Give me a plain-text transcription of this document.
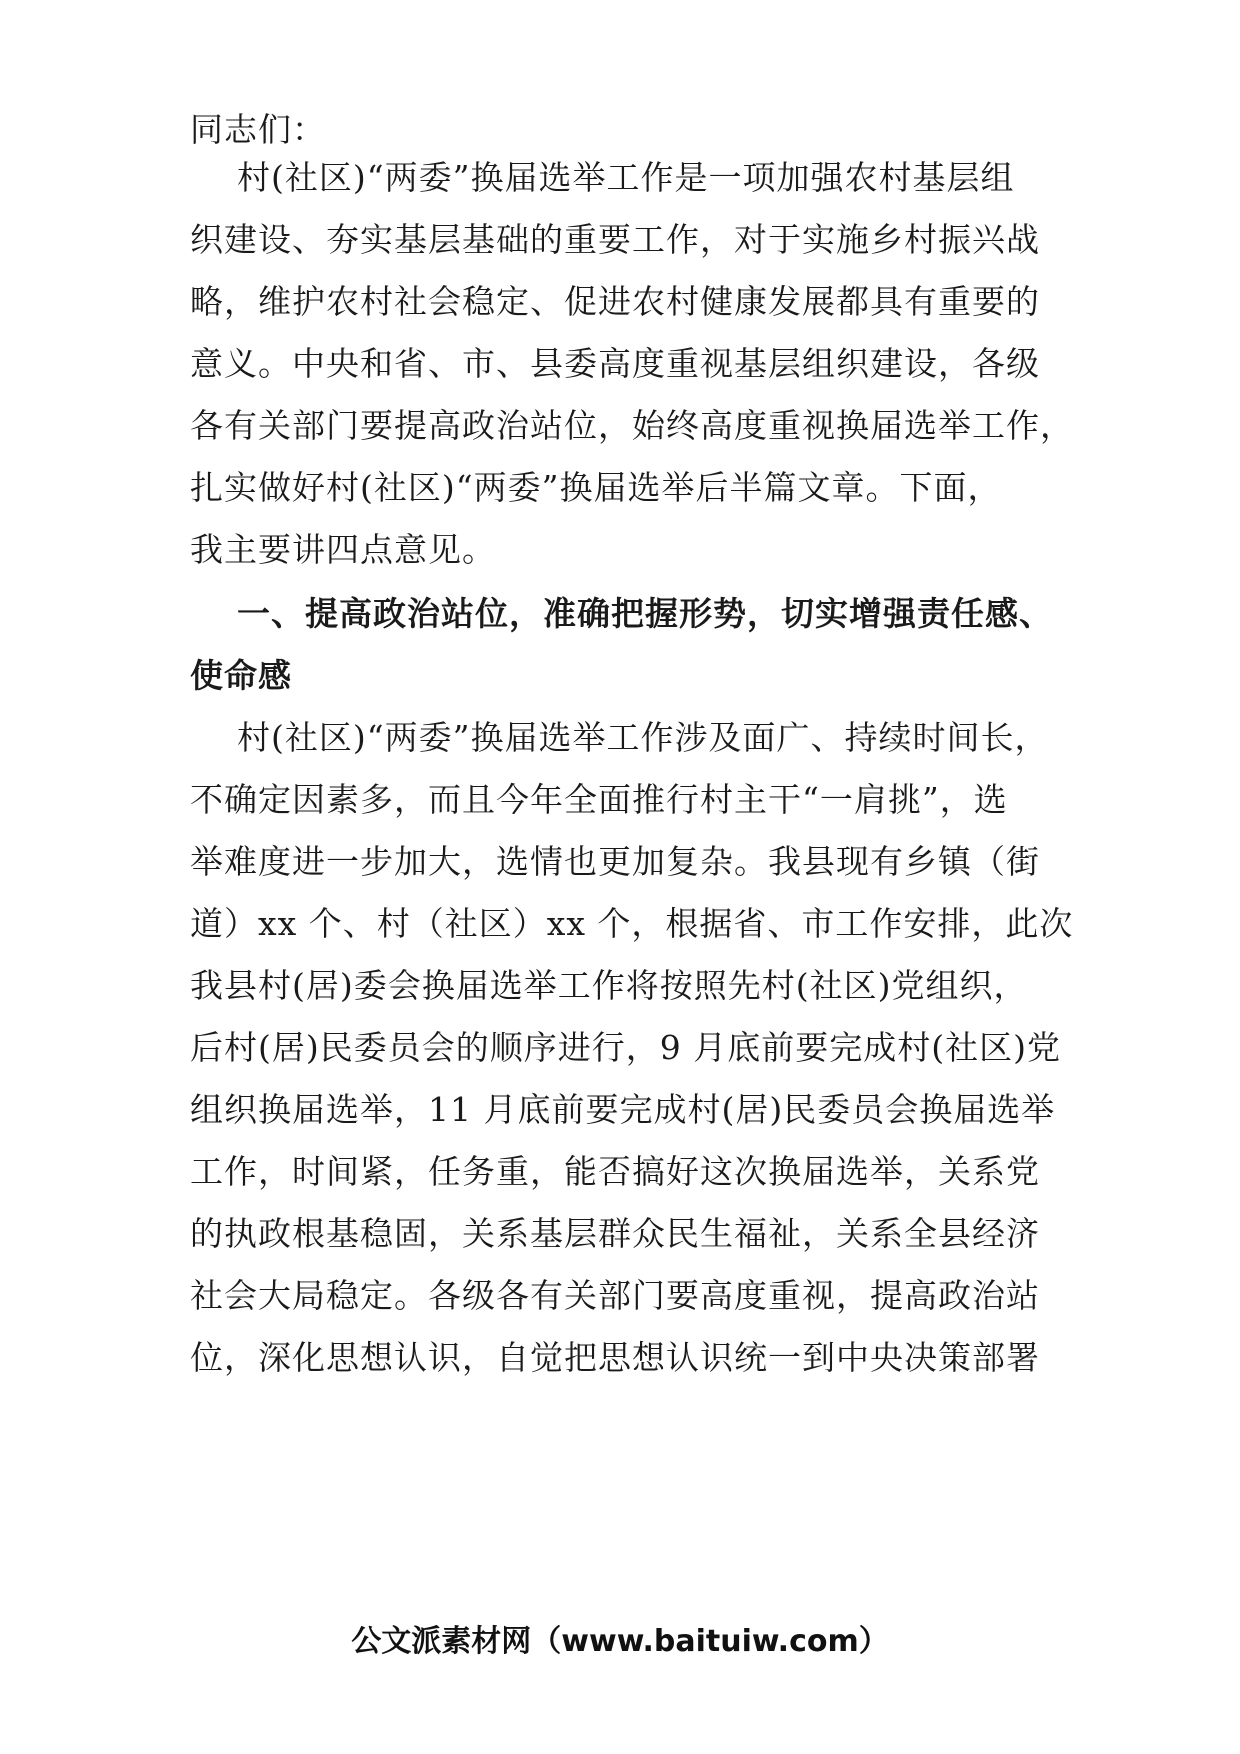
同志们：
村(社区)“两委”换届选举工作是一项加强农村基层组
织建设、夯实基层基础的重要工作，对于实施乡村振兴战
略，维护农村社会稳定、促进农村健康发展都具有重要的
意义。中央和省、市、县委高度重视基层组织建设，各级
各有关部门要提高政治站位，始终高度重视换届选举工作，
扎实做好村(社区)“两委”换届选举后半篇文章。下面，
我主要讲四点意见。
一、提高政治站位，准确把握形势，切实增强责任感、
使命感
村(社区)“两委”换届选举工作涉及面广、持续时间长，
不确定因素多，而且今年全面推行村主干“一肩挑”，选
举难度进一步加大，选情也更加复杂。我县现有乡镇（街
道）xx 个、村（社区）xx 个，根据省、市工作安排，此次
我县村(居)委会换届选举工作将按照先村(社区)党组织，
后村(居)民委员会的顺序进行，9 月底前要完成村(社区)党
组织换届选举，11 月底前要完成村(居)民委员会换届选举
工作，时间紧，任务重，能否搞好这次换届选举，关系党
的执政根基稳固，关系基层群众民生福祉，关系全县经济
社会大局稳定。各级各有关部门要高度重视，提高政治站
位，深化思想认识，自觉把思想认识统一到中央决策部署
公文派素材网（www.baituiw.com）
